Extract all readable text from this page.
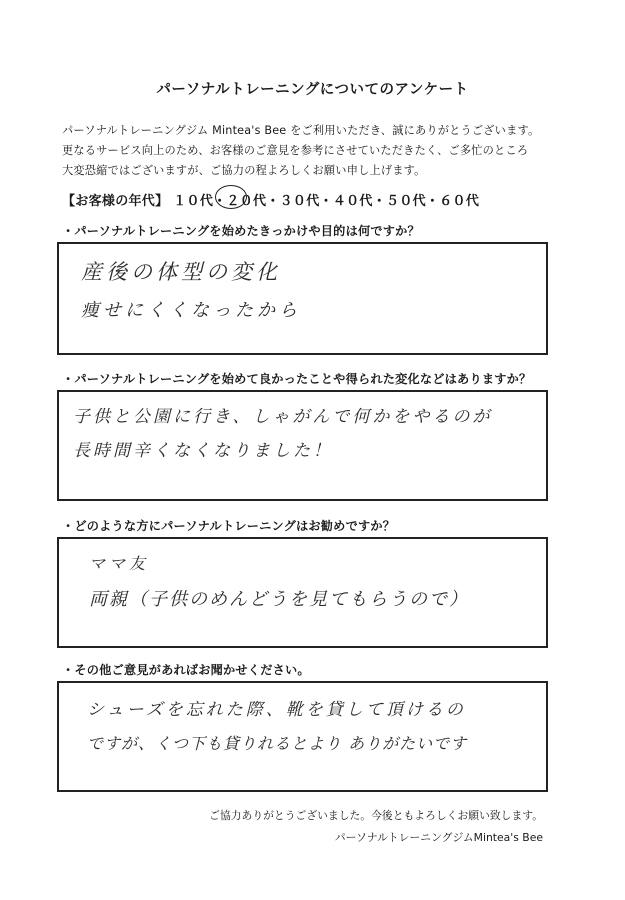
パーソナルトレーニングについてのアンケート
パーソナルトレーニングジム Mintea's Bee をご利用いただき、誠にありがとうございます。
更なるサービス向上のため、お客様のご意見を参考にさせていただきたく、ご多忙のところ
大変恐縮ではございますが、ご協力の程よろしくお願い申し上げます。
【お客様の年代】 １０代・２０代・３０代・４０代・５０代・６０代
・パーソナルトレーニングを始めたきっかけや目的は何ですか？
産後の体型の変化
痩せにくくなったから
・パーソナルトレーニングを始めて良かったことや得られた変化などはありますか？
子供と公園に行き、しゃがんで何かをやるのが
長時間辛くなくなりました！
・どのような方にパーソナルトレーニングはお勧めですか？
ママ友
両親（子供のめんどうを見てもらうので）
・その他ご意見があればお聞かせください。
シューズを忘れた際、靴を貸して頂けるの
ですが、くつ下も貸りれるとより ありがたいです
ご協力ありがとうございました。今後ともよろしくお願い致します。
パーソナルトレーニングジムMintea's Bee
